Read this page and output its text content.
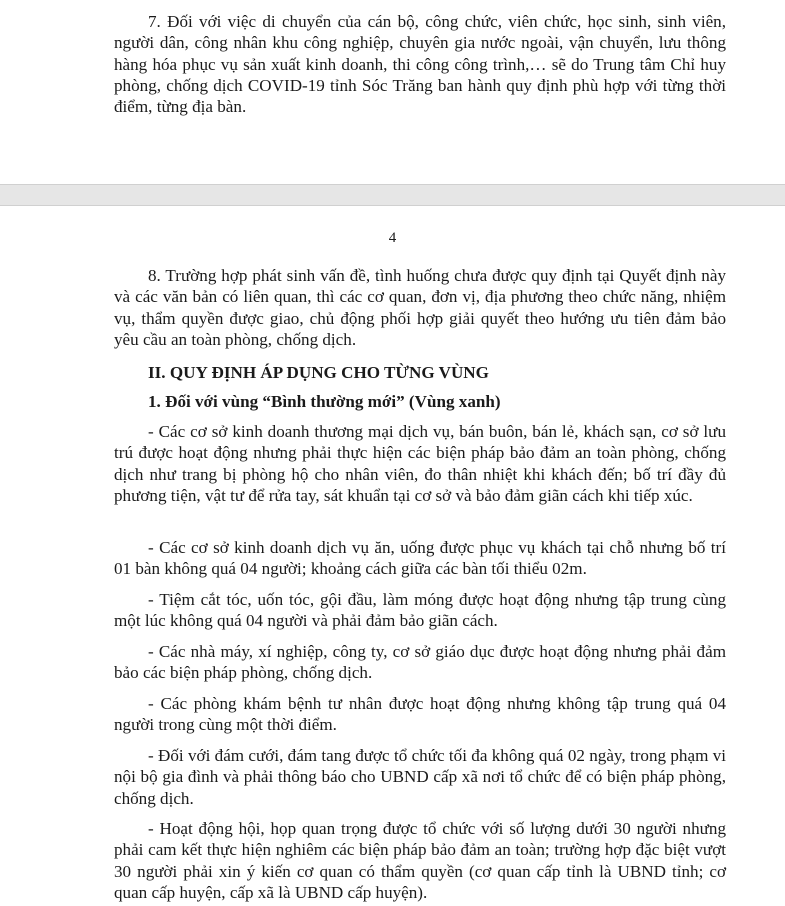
7. Đối với việc di chuyển của cán bộ, công chức, viên chức, học sinh, sinh viên, người dân, công nhân khu công nghiệp, chuyên gia nước ngoài, vận chuyển, lưu thông hàng hóa phục vụ sản xuất kinh doanh, thi công công trình,… sẽ do Trung tâm Chỉ huy phòng, chống dịch COVID-19 tỉnh Sóc Trăng ban hành quy định phù hợp với từng thời điểm, từng địa bàn.

4

8. Trường hợp phát sinh vấn đề, tình huống chưa được quy định tại Quyết định này và các văn bản có liên quan, thì các cơ quan, đơn vị, địa phương theo chức năng, nhiệm vụ, thẩm quyền được giao, chủ động phối hợp giải quyết theo hướng ưu tiên đảm bảo yêu cầu an toàn phòng, chống dịch.

II. QUY ĐỊNH ÁP DỤNG CHO TỪNG VÙNG

1. Đối với vùng “Bình thường mới” (Vùng xanh)

- Các cơ sở kinh doanh thương mại dịch vụ, bán buôn, bán lẻ, khách sạn, cơ sở lưu trú được hoạt động nhưng phải thực hiện các biện pháp bảo đảm an toàn phòng, chống dịch như trang bị phòng hộ cho nhân viên, đo thân nhiệt khi khách đến; bố trí đầy đủ phương tiện, vật tư để rửa tay, sát khuẩn tại cơ sở và bảo đảm giãn cách khi tiếp xúc.

- Các cơ sở kinh doanh dịch vụ ăn, uống được phục vụ khách tại chỗ nhưng bố trí 01 bàn không quá 04 người; khoảng cách giữa các bàn tối thiểu 02m.

- Tiệm cắt tóc, uốn tóc, gội đầu, làm móng được hoạt động nhưng tập trung cùng một lúc không quá 04 người và phải đảm bảo giãn cách.

- Các nhà máy, xí nghiệp, công ty, cơ sở giáo dục được hoạt động nhưng phải đảm bảo các biện pháp phòng, chống dịch.

- Các phòng khám bệnh tư nhân được hoạt động nhưng không tập trung quá 04 người trong cùng một thời điểm.

- Đối với đám cưới, đám tang được tổ chức tối đa không quá 02 ngày, trong phạm vi nội bộ gia đình và phải thông báo cho UBND cấp xã nơi tổ chức để có biện pháp phòng, chống dịch.

- Hoạt động hội, họp quan trọng được tổ chức với số lượng dưới 30 người nhưng phải cam kết thực hiện nghiêm các biện pháp bảo đảm an toàn; trường hợp đặc biệt vượt 30 người phải xin ý kiến cơ quan có thẩm quyền (cơ quan cấp tỉnh là UBND tỉnh; cơ quan cấp huyện, cấp xã là UBND cấp huyện).
